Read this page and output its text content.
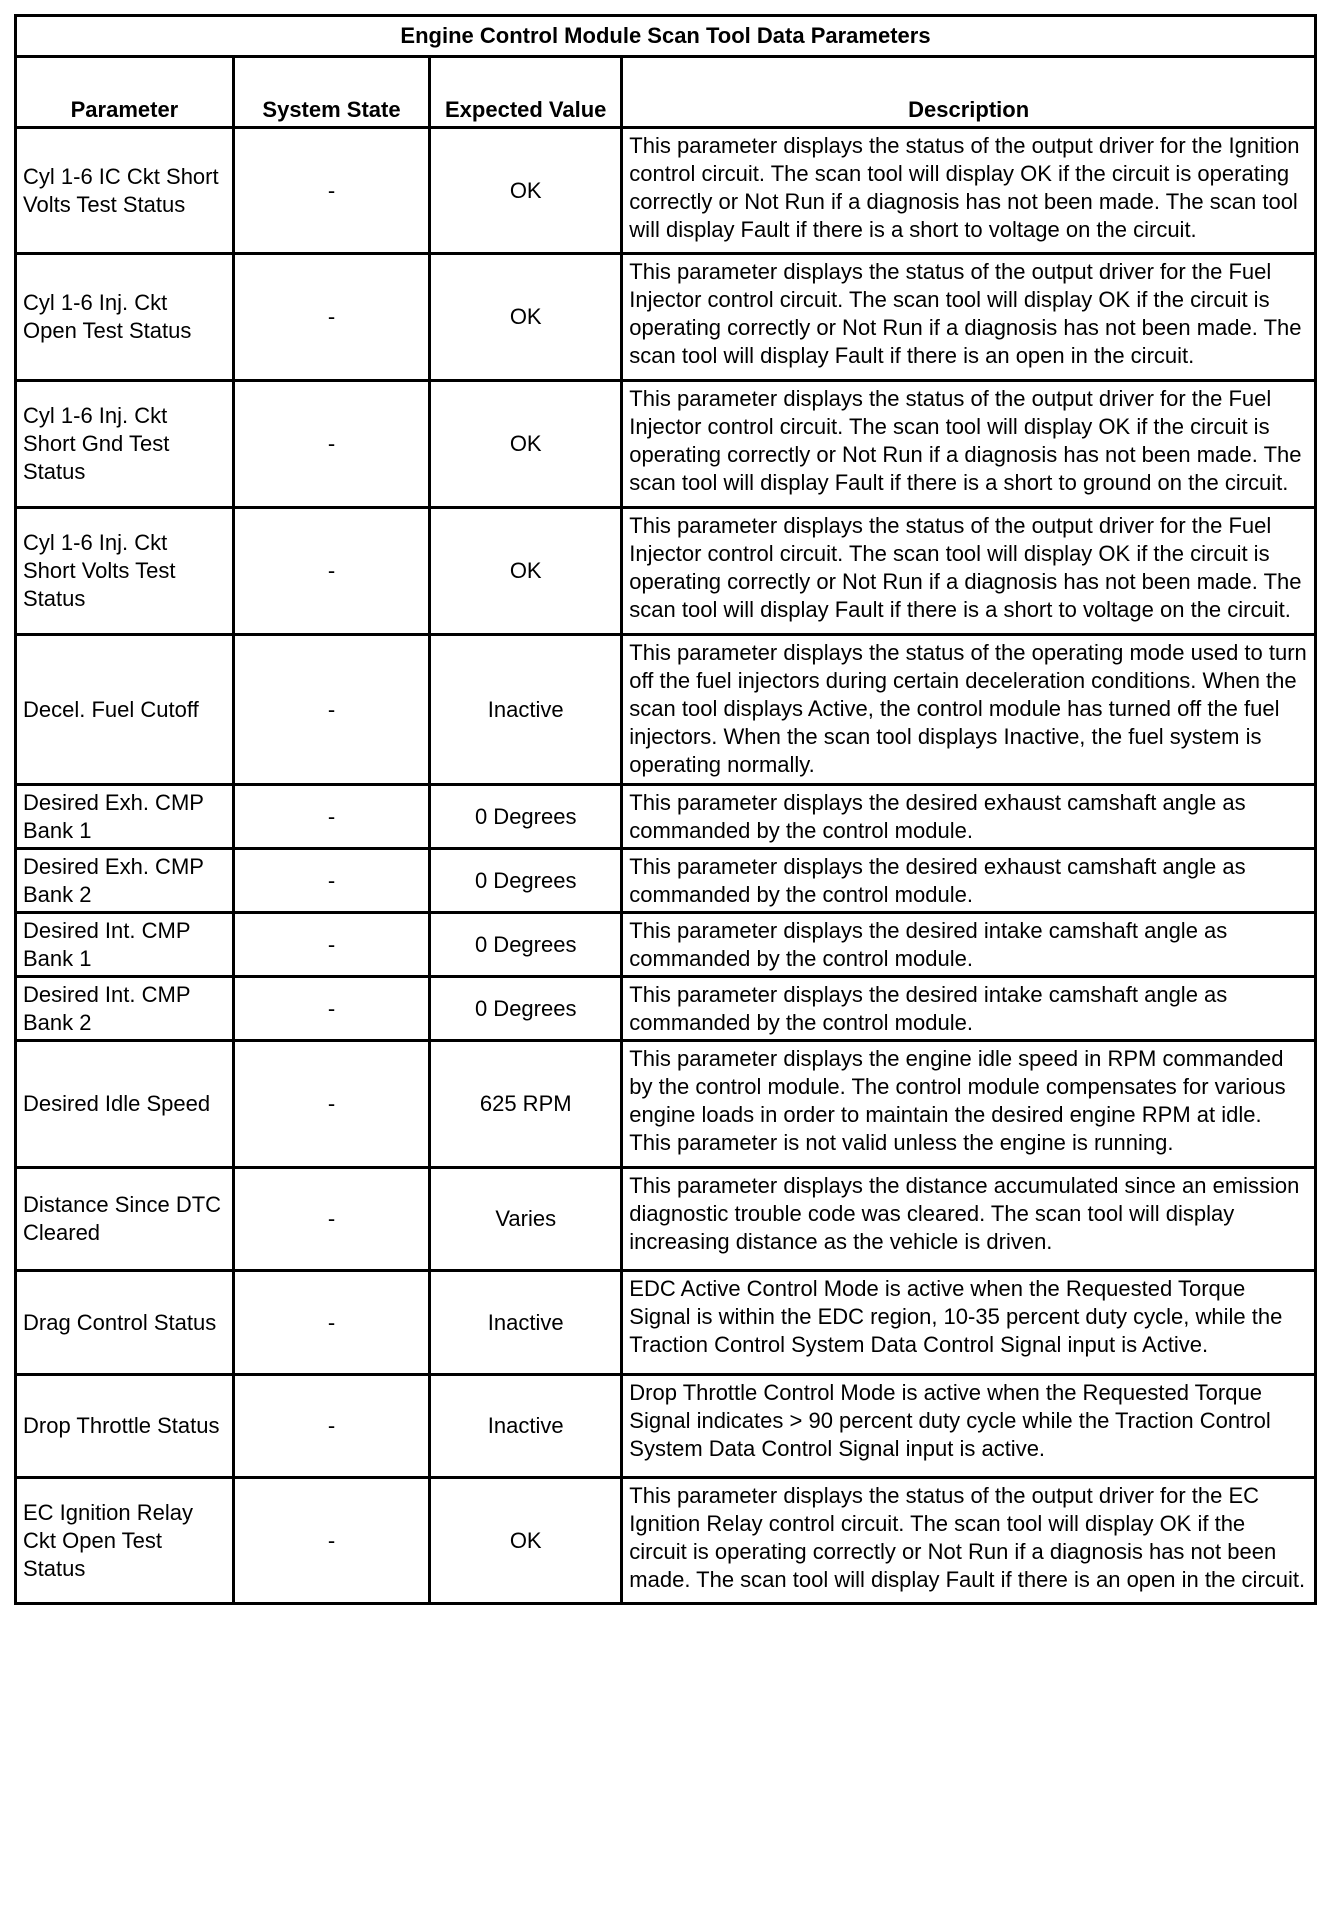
Engine Control Module Scan Tool Data Parameters			
Parameter	System State	Expected Value	Description
Cyl 1-6 IC Ckt Short Volts Test Status	-	OK	This parameter displays the status of the output driver for the Ignition control circuit. The scan tool will display OK if the circuit is operating correctly or Not Run if a diagnosis has not been made. The scan tool will display Fault if there is a short to voltage on the circuit.
Cyl 1-6 Inj. Ckt Open Test Status	-	OK	This parameter displays the status of the output driver for the Fuel Injector control circuit. The scan tool will display OK if the circuit is operating correctly or Not Run if a diagnosis has not been made. The scan tool will display Fault if there is an open in the circuit.
Cyl 1-6 Inj. Ckt Short Gnd Test Status	-	OK	This parameter displays the status of the output driver for the Fuel Injector control circuit. The scan tool will display OK if the circuit is operating correctly or Not Run if a diagnosis has not been made. The scan tool will display Fault if there is a short to ground on the circuit.
Cyl 1-6 Inj. Ckt Short Volts Test Status	-	OK	This parameter displays the status of the output driver for the Fuel Injector control circuit. The scan tool will display OK if the circuit is operating correctly or Not Run if a diagnosis has not been made. The scan tool will display Fault if there is a short to voltage on the circuit.
Decel. Fuel Cutoff	-	Inactive	This parameter displays the status of the operating mode used to turn off the fuel injectors during certain deceleration conditions. When the scan tool displays Active, the control module has turned off the fuel injectors. When the scan tool displays Inactive, the fuel system is operating normally.
Desired Exh. CMP Bank 1	-	0 Degrees	This parameter displays the desired exhaust camshaft angle as commanded by the control module.
Desired Exh. CMP Bank 2	-	0 Degrees	This parameter displays the desired exhaust camshaft angle as commanded by the control module.
Desired Int. CMP Bank 1	-	0 Degrees	This parameter displays the desired intake camshaft angle as commanded by the control module.
Desired Int. CMP Bank 2	-	0 Degrees	This parameter displays the desired intake camshaft angle as commanded by the control module.
Desired Idle Speed	-	625 RPM	This parameter displays the engine idle speed in RPM commanded by the control module. The control module compensates for various engine loads in order to maintain the desired engine RPM at idle. This parameter is not valid unless the engine is running.
Distance Since DTC Cleared	-	Varies	This parameter displays the distance accumulated since an emission diagnostic trouble code was cleared. The scan tool will display increasing distance as the vehicle is driven.
Drag Control Status	-	Inactive	EDC Active Control Mode is active when the Requested Torque Signal is within the EDC region, 10-35 percent duty cycle, while the Traction Control System Data Control Signal input is Active.
Drop Throttle Status	-	Inactive	Drop Throttle Control Mode is active when the Requested Torque Signal indicates > 90 percent duty cycle while the Traction Control System Data Control Signal input is active.
EC Ignition Relay Ckt Open Test Status	-	OK	This parameter displays the status of the output driver for the EC Ignition Relay control circuit. The scan tool will display OK if the circuit is operating correctly or Not Run if a diagnosis has not been made. The scan tool will display Fault if there is an open in the circuit.
